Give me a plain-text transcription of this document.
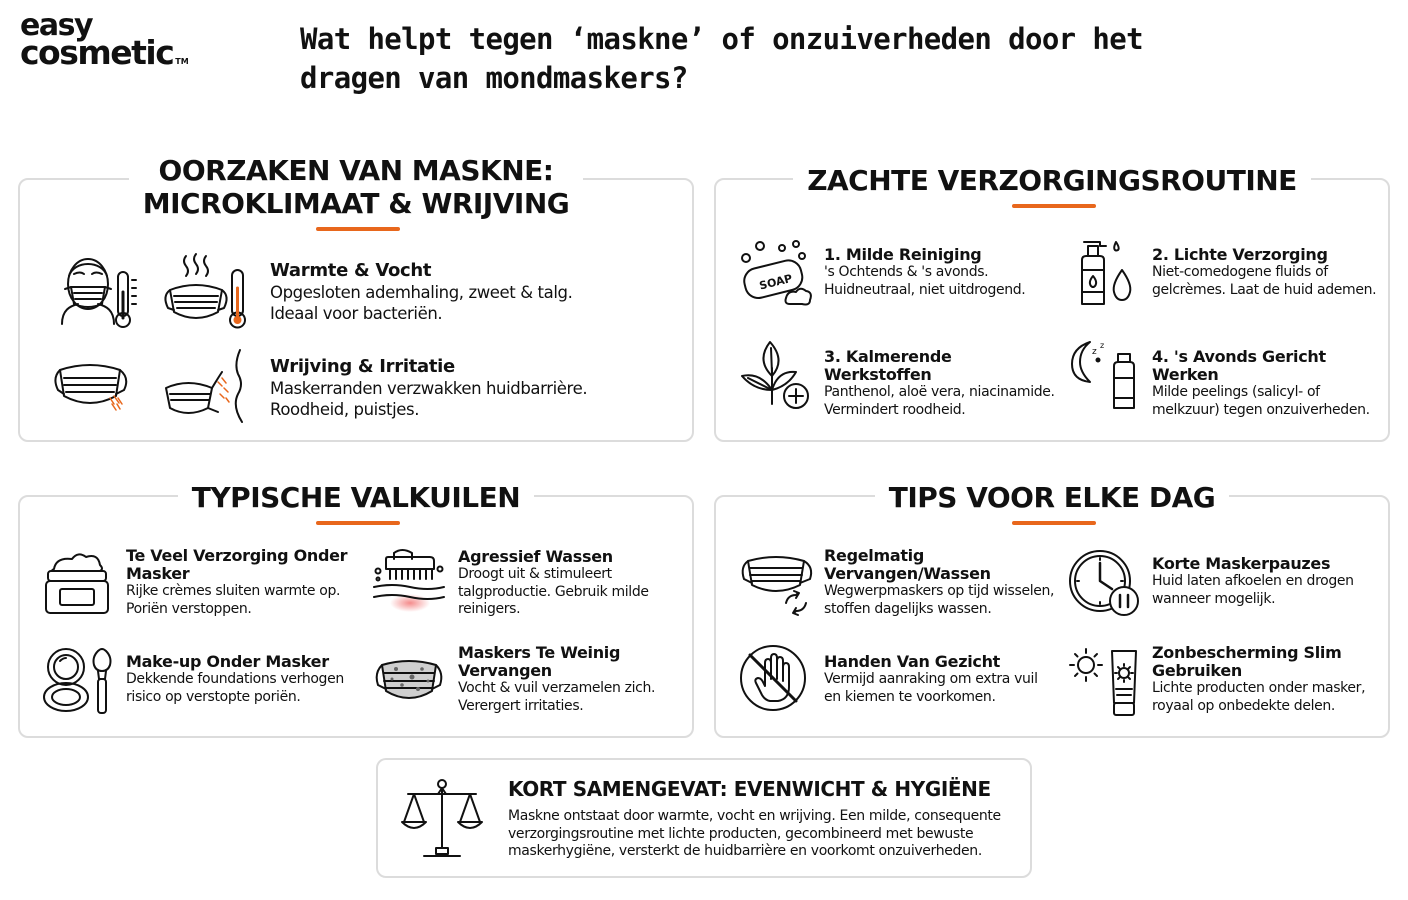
easy
cosmetic ™
Wat helpt tegen ‘maskne’ of onzuiverheden door het dragen van mondmaskers?
OORZAKEN VAN MASKNE:
MICROKLIMAAT & WRIJVING
Warmte & Vocht
Opgesloten ademhaling, zweet & talg.
Ideaal voor bacteriën.
Wrijving & Irritatie
Maskerranden verzwakken huidbarrière.
Roodheid, puistjes.
ZACHTE VERZORGINGSROUTINE
SOAP
1. Milde Reiniging
's Ochtends & 's avonds.
Huidneutraal, niet uitdrogend.
2. Lichte Verzorging
Niet-comedogene fluids of
gelcrèmes. Laat de huid ademen.
3. Kalmerende Werkstoffen
Panthenol, aloë vera, niacinamide.
Vermindert roodheid.
z
z
4. 's Avonds Gericht Werken
Milde peelings (salicyl- of
melkzuur) tegen onzuiverheden.
TYPISCHE VALKUILEN
Te Veel Verzorging Onder
Masker
Rijke crèmes sluiten warmte op.
Poriën verstoppen.
Agressief Wassen
Droogt uit & stimuleert
talgproductie. Gebruik milde
reinigers.
Make-up Onder Masker
Dekkende foundations verhogen
risico op verstopte poriën.
Maskers Te Weinig
Vervangen
Vocht & vuil verzamelen zich.
Verergert irritaties.
TIPS VOOR ELKE DAG
Regelmatig
Vervangen/Wassen
Wegwerpmaskers op tijd wisselen,
stoffen dagelijks wassen.
Korte Maskerpauzes
Huid laten afkoelen en drogen
wanneer mogelijk.
Handen Van Gezicht
Vermijd aanraking om extra vuil
en kiemen te voorkomen.
Zonbescherming Slim
Gebruiken
Lichte producten onder masker,
royaal op onbedekte delen.
KORT SAMENGEVAT: EVENWICHT & HYGIËNE
Maskne ontstaat door warmte, vocht en wrijving. Een milde, consequente
verzorgingsroutine met lichte producten, gecombineerd met bewuste
maskerhygiëne, versterkt de huidbarrière en voorkomt onzuiverheden.
